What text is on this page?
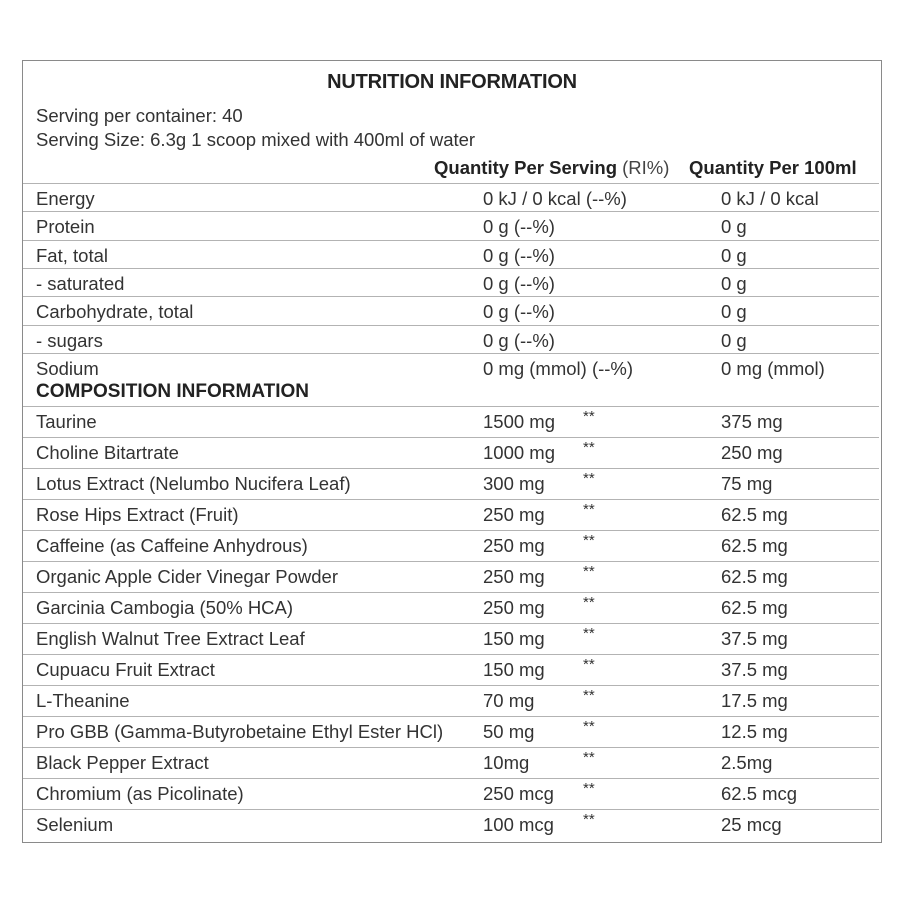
NUTRITION INFORMATION
Serving per container: 40
Serving Size: 6.3g 1 scoop mixed with 400ml of water
Quantity Per Serving (RI%) Quantity Per 100ml
Energy	0 kJ / 0 kcal (--%)	0 kJ / 0 kcal
Protein	0 g (--%)	0 g
Fat, total	0 g (--%)	0 g
- saturated	0 g (--%)	0 g
Carbohydrate, total	0 g (--%)	0 g
- sugars	0 g (--%)	0 g
Sodium	0 mg (mmol) (--%)	0 mg (mmol)
COMPOSITION INFORMATION
Taurine	1500 mg **	375 mg
Choline Bitartrate	1000 mg **	250 mg
Lotus Extract (Nelumbo Nucifera Leaf)	300 mg	**	75 mg
Rose Hips Extract (Fruit)	250 mg	**	62.5 mg
Caffeine (as Caffeine Anhydrous)	250 mg	**	62.5 mg
Organic Apple Cider Vinegar Powder	250 mg	**	62.5 mg
Garcinia Cambogia (50% HCA)	250 mg	**	62.5 mg
English Walnut Tree Extract Leaf	150 mg	**	37.5 mg
Cupuacu Fruit Extract	150 mg	**	37.5 mg
L-Theanine	70 mg	**	17.5 mg
Pro GBB (Gamma-Butyrobetaine Ethyl Ester HCl) 50 mg	**	12.5 mg
Black Pepper Extract	10mg	**	2.5mg
Chromium (as Picolinate)	250 mcg **	62.5 mcg
Selenium	100 mcg **	25 mcg
